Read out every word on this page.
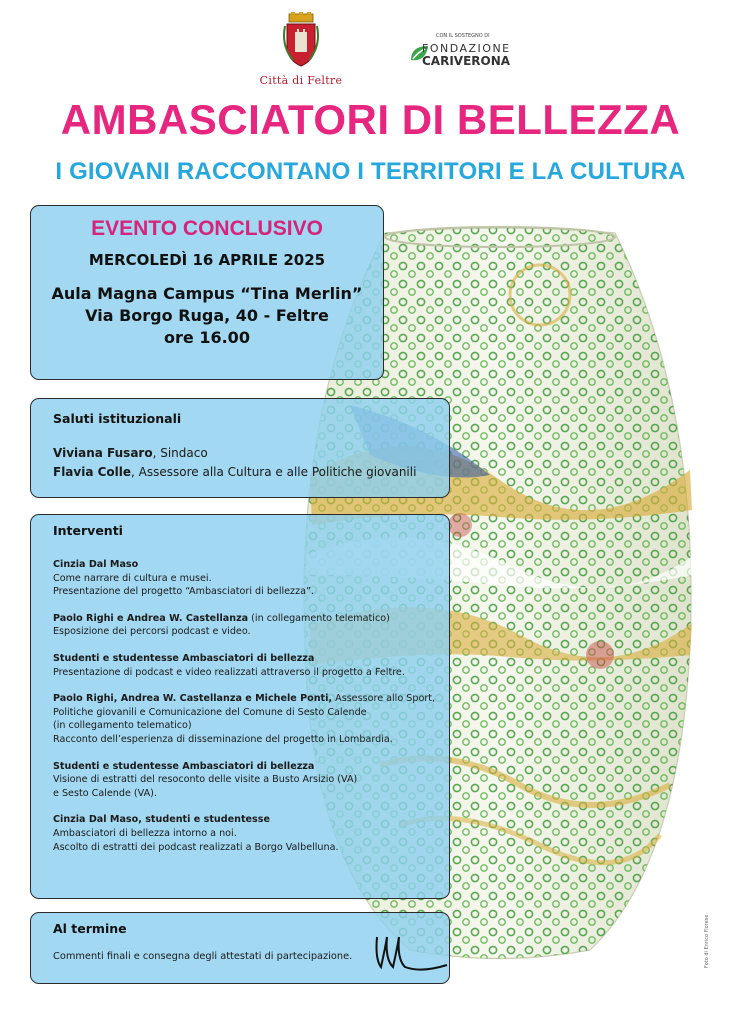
Città di Feltre
CON IL SOSTEGNO DI
FONDAZIONE
CARIVERONA
AMBASCIATORI DI BELLEZZA
I GIOVANI RACCONTANO I TERRITORI E LA CULTURA
EVENTO CONCLUSIVO
MERCOLEDÌ 16 APRILE 2025
Aula Magna Campus “Tina Merlin”
Via Borgo Ruga, 40 - Feltre
ore 16.00
Saluti istituzionali
Viviana Fusaro, Sindaco
Flavia Colle, Assessore alla Cultura e alle Politiche giovanili
Interventi
Cinzia Dal Maso
Come narrare di cultura e musei.
Presentazione del progetto “Ambasciatori di bellezza”.
Paolo Righi e Andrea W. Castellanza (in collegamento telematico)
Esposizione dei percorsi podcast e video.
Studenti e studentesse Ambasciatori di bellezza
Presentazione di podcast e video realizzati attraverso il progetto a Feltre.
Paolo Righi, Andrea W. Castellanza e Michele Ponti, Assessore allo Sport,
Politiche giovanili e Comunicazione del Comune di Sesto Calende
(in collegamento telematico)
Racconto dell’esperienza di disseminazione del progetto in Lombardia.
Studenti e studentesse Ambasciatori di bellezza
Visione di estratti del resoconto delle visite a Busto Arsizio (VA)
e Sesto Calende (VA).
Cinzia Dal Maso, studenti e studentesse
Ambasciatori di bellezza intorno a noi.
Ascolto di estratti dei podcast realizzati a Borgo Valbelluna.
Al termine
Commenti finali e consegna degli attestati di partecipazione.	Foto di Enrico Fiorese
